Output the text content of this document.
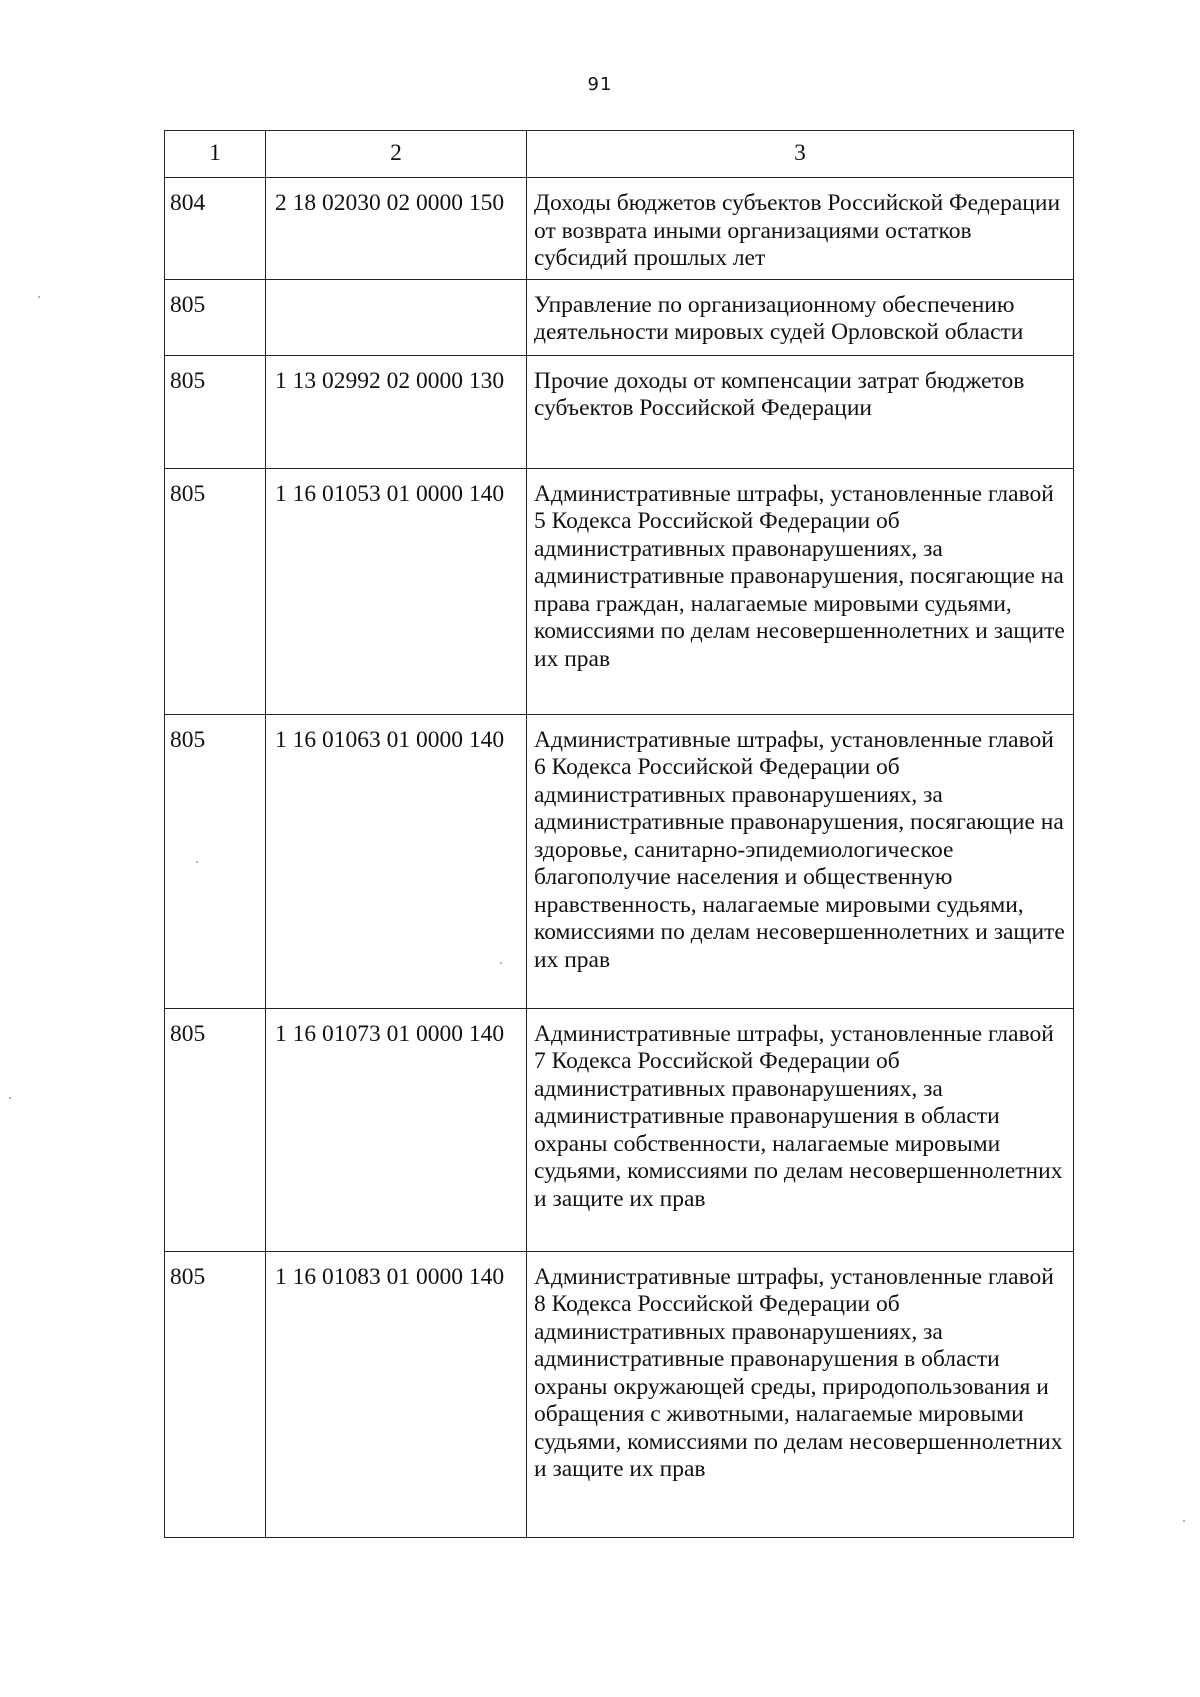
91
1	2	3
804	2 18 02030 02 0000 150	Доходы бюджетов субъектов Российской Федерации от возврата иными организациями остатков субсидий прошлых лет
805		Управление по организационному обеспечению деятельности мировых судей Орловской области
805	1 13 02992 02 0000 130	Прочие доходы от компенсации затрат бюджетов субъектов Российской Федерации
805	1 16 01053 01 0000 140	Административные штрафы, установленные главой 5 Кодекса Российской Федерации об административных правонарушениях, за административные правонарушения, посягающие на права граждан, налагаемые мировыми судьями, комиссиями по делам несовершеннолетних и защите их прав
805	1 16 01063 01 0000 140	Административные штрафы, установленные главой 6 Кодекса Российской Федерации об административных правонарушениях, за административные правонарушения, посягающие на здоровье, санитарно-эпидемиологическое благополучие населения и общественную нравственность, налагаемые мировыми судьями, комиссиями по делам несовершеннолетних и защите их прав
805	1 16 01073 01 0000 140	Административные штрафы, установленные главой 7 Кодекса Российской Федерации об административных правонарушениях, за административные правонарушения в области охраны собственности, налагаемые мировыми судьями, комиссиями по делам несовершеннолетних и защите их прав
805	1 16 01083 01 0000 140	Административные штрафы, установленные главой 8 Кодекса Российской Федерации об административных правонарушениях, за административные правонарушения в области охраны окружающей среды, природопользования и обращения с животными, налагаемые мировыми судьями, комиссиями по делам несовершеннолетних и защите их прав
